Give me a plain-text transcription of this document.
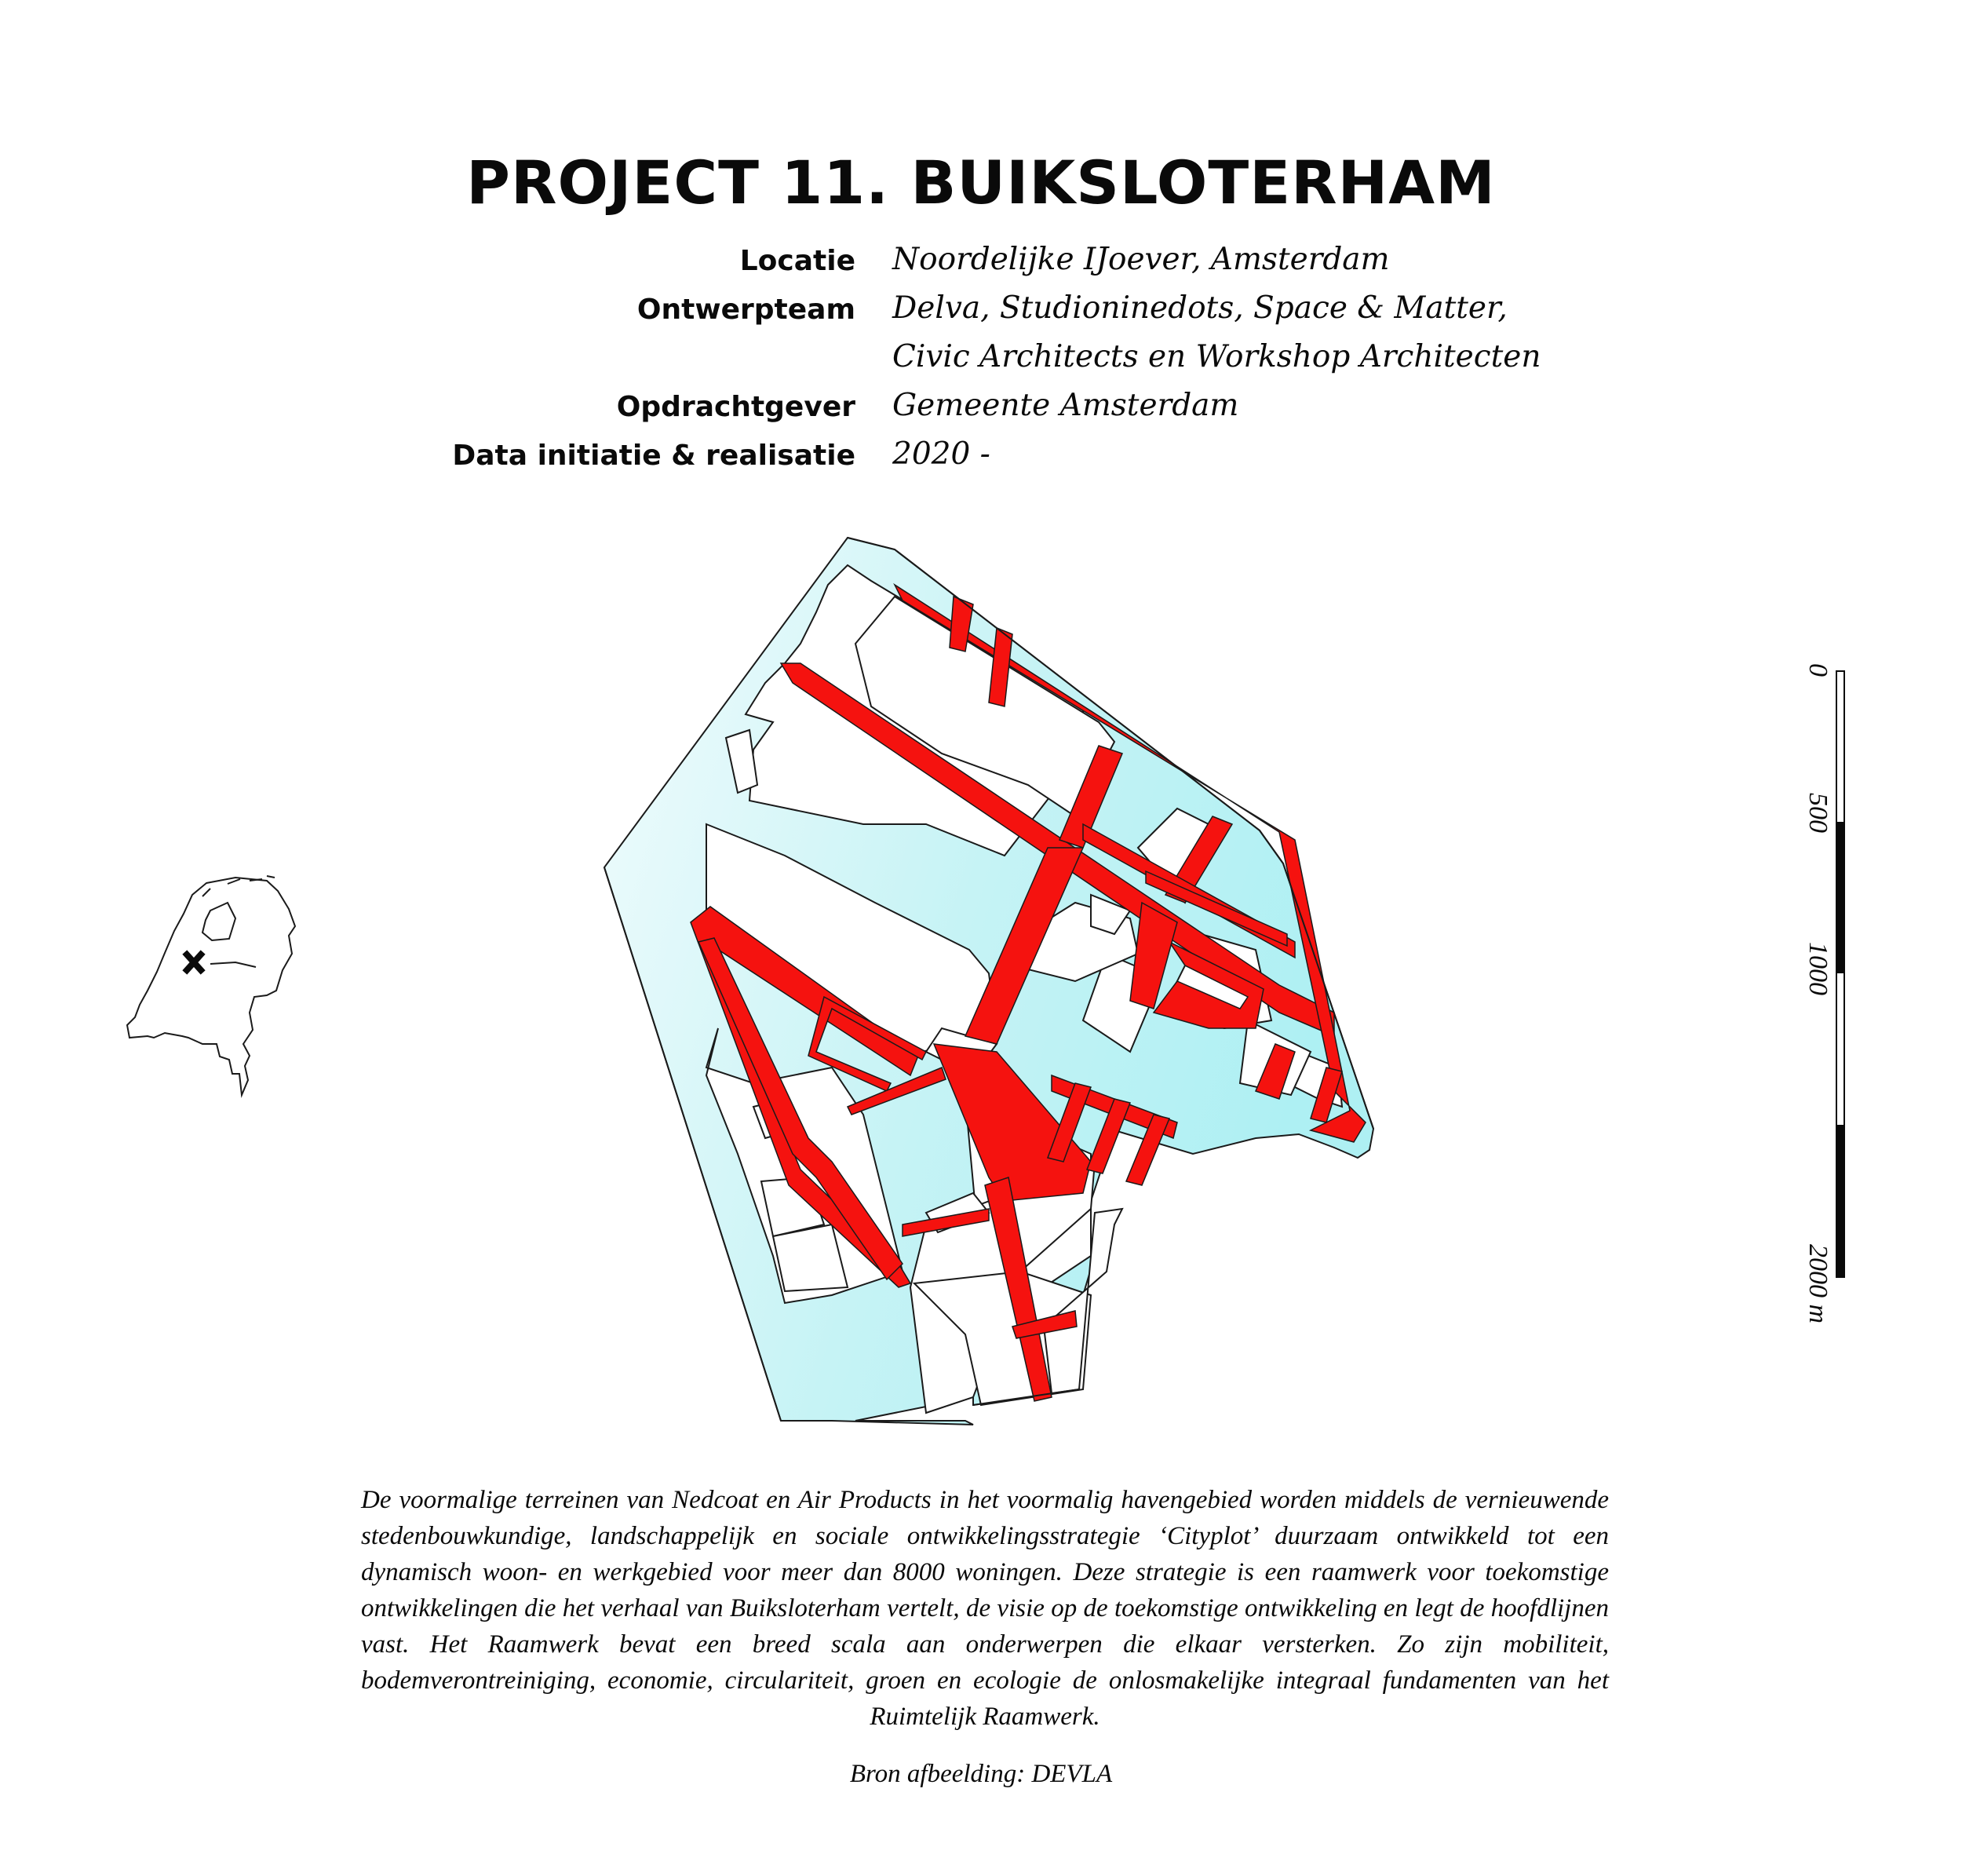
PROJECT 11. BUIKSLOTERHAM
Locatie Noordelijke IJoever, Amsterdam
Ontwerpteam Delva, Studioninedots, Space & Matter,
Civic Architects en Workshop Architecten
Opdrachtgever Gemeente Amsterdam
Data initiatie & realisatie 2020 -
0
500
1000
2000 m

De voormalige terreinen van Nedcoat en Air Products in het voormalig havengebied worden middels de vernieuwende stedenbouwkundige, landschappelijk en sociale ontwikkelingsstrategie ‘Cityplot’ duurzaam ontwikkeld tot een dynamisch woon- en werkgebied voor meer dan 8000 woningen. Deze strategie is een raamwerk voor toekomstige ontwikkelingen die het verhaal van Buiksloterham vertelt, de visie op de toekomstige ontwikkeling en legt de hoofdlijnen vast. Het Raamwerk bevat een breed scala aan onderwerpen die elkaar versterken. Zo zijn mobiliteit, bodemverontreiniging, economie, circulariteit, groen en ecologie de onlosmakelijke integraal fundamenten van het Ruimtelijk Raamwerk.

Bron afbeelding: DEVLA
